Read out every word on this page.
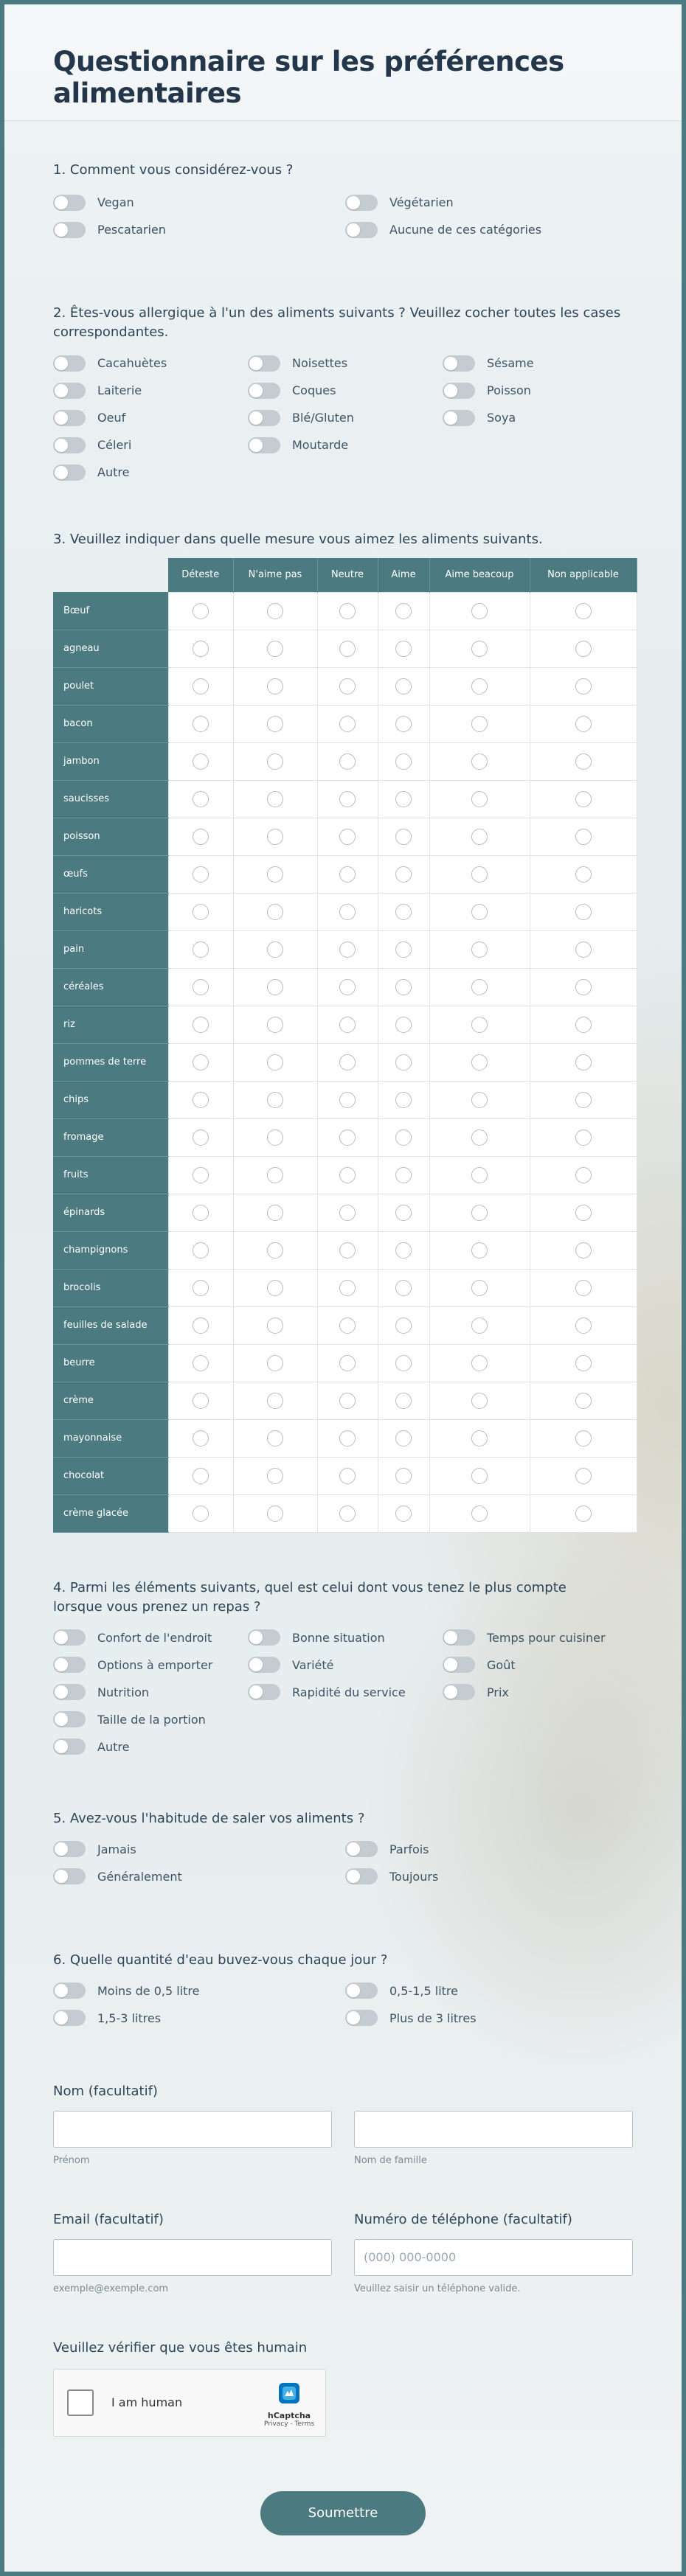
Questionnaire sur les préférences alimentaires
1. Comment vous considérez-vous ?
Vegan	Végétarien
Pescatarien	Aucune de ces catégories
2. Êtes-vous allergique à l'un des aliments suivants ? Veuillez cocher toutes les cases correspondantes.
Cacahuètes	Noisettes	Sésame
Laiterie	Coques	Poisson
Oeuf	Blé/Gluten	Soya
Céleri	Moutarde
Autre
3. Veuillez indiquer dans quelle mesure vous aimez les aliments suivants.
	Déteste	N'aime pas	Neutre	Aime	Aime beacoup	Non applicable
Bœuf						
agneau						
poulet						
bacon						
jambon						
saucisses						
poisson						
œufs						
haricots						
pain						
céréales						
riz						
pommes de terre						
chips						
fromage						
fruits						
épinards						
champignons						
brocolis						
feuilles de salade						
beurre						
crème						
mayonnaise						
chocolat						
crème glacée						
4. Parmi les éléments suivants, quel est celui dont vous tenez le plus compte lorsque vous prenez un repas ?
Confort de l'endroit	Bonne situation	Temps pour cuisiner
Options à emporter	Variété	Goût
Nutrition	Rapidité du service	Prix
Taille de la portion
Autre
5. Avez-vous l'habitude de saler vos aliments ?
Jamais	Parfois
Généralement	Toujours
6. Quelle quantité d'eau buvez-vous chaque jour ?
Moins de 0,5 litre	0,5-1,5 litre
1,5-3 litres	Plus de 3 litres
Nom (facultatif)
Prénom	Nom de famille
Email (facultatif)
exemple@exemple.com
Numéro de téléphone (facultatif)
(000) 000-0000
Veuillez saisir un téléphone valide.
Veuillez vérifier que vous êtes humain
I am human
hCaptcha
Privacy - Terms
Soumettre
